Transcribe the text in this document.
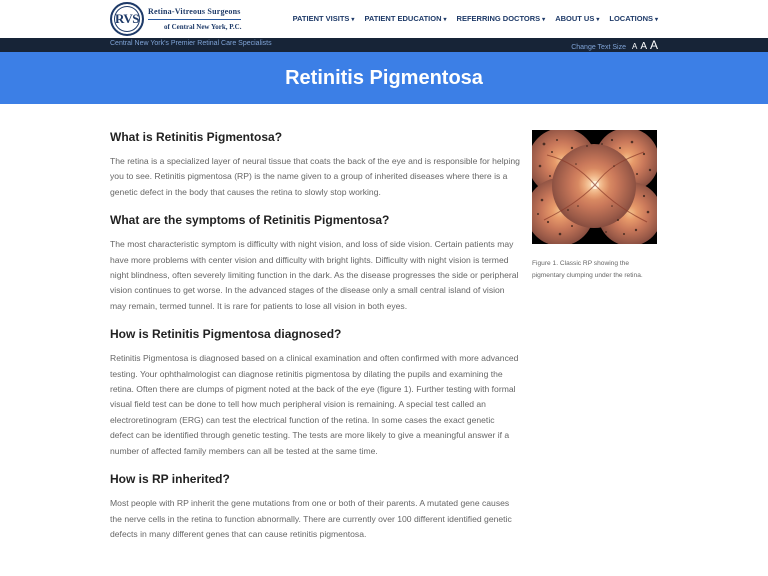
RVS	Retina-Vitreous Surgeons
of Central New York, P.C.
PATIENT VISITS ▾ PATIENT EDUCATION ▾ REFERRING DOCTORS ▾ ABOUT US ▾ LOCATIONS ▾
Central New York's Premier Retinal Care Specialists
Change Text Size A A A
Retinitis Pigmentosa
What is Retinitis Pigmentosa?

The retina is a specialized layer of neural tissue that coats the back of the eye and is responsible for helping you to see. Retinitis pigmentosa (RP) is the name given to a group of inherited diseases where there is a genetic defect in the body that causes the retina to slowly stop working.

What are the symptoms of Retinitis Pigmentosa?

The most characteristic symptom is difficulty with night vision, and loss of side vision. Certain patients may have more problems with center vision and difficulty with bright lights. Difficulty with night vision is termed night blindness, often severely limiting function in the dark. As the disease progresses the side or peripheral vision continues to get worse. In the advanced stages of the disease only a small central island of vision may remain, termed tunnel. It is rare for patients to lose all vision in both eyes.

How is Retinitis Pigmentosa diagnosed?

Retinitis Pigmentosa is diagnosed based on a clinical examination and often confirmed with more advanced testing. Your ophthalmologist can diagnose retinitis pigmentosa by dilating the pupils and examining the retina. Often there are clumps of pigment noted at the back of the eye (figure 1). Further testing with formal visual field test can be done to tell how much peripheral vision is remaining. A special test called an electroretinogram (ERG) can test the electrical function of the retina. In some cases the exact genetic defect can be identified through genetic testing. The tests are more likely to give a meaningful answer if a number of affected family members can all be tested at the same time.

How is RP inherited?

Most people with RP inherit the gene mutations from one or both of their parents. A mutated gene causes the nerve cells in the retina to function abnormally. There are currently over 100 different identified genetic defects in many different genes that can cause retinitis pigmentosa.

Figure 1. Classic RP showing the pigmentary clumping under the retina.
